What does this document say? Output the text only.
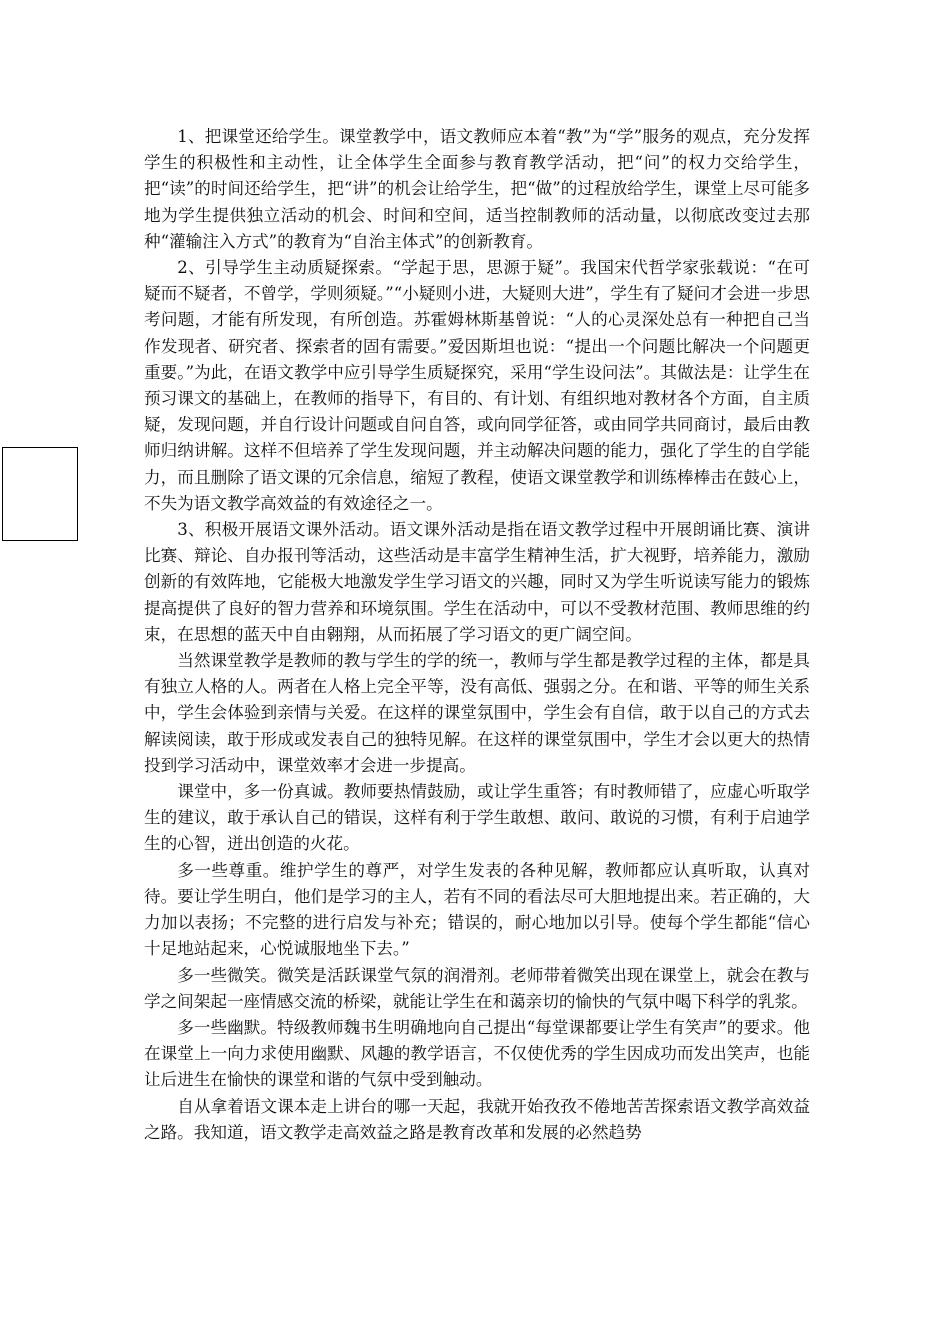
1、把课堂还给学生。课堂教学中，语文教师应本着“教”为“学”服务的观点，充分发挥学生的积极性和主动性，让全体学生全面参与教育教学活动，把“问”的权力交给学生，把“读”的时间还给学生，把“讲”的机会让给学生，把“做”的过程放给学生，课堂上尽可能多地为学生提供独立活动的机会、时间和空间，适当控制教师的活动量，以彻底改变过去那种“灌输注入方式”的教育为“自治主体式”的创新教育。

2、引导学生主动质疑探索。“学起于思，思源于疑”。我国宋代哲学家张载说：“在可疑而不疑者，不曾学，学则须疑。”“小疑则小进，大疑则大进”，学生有了疑问才会进一步思考问题，才能有所发现，有所创造。苏霍姆林斯基曾说：“人的心灵深处总有一种把自己当作发现者、研究者、探索者的固有需要。”爱因斯坦也说：“提出一个问题比解决一个问题更重要。”为此，在语文教学中应引导学生质疑探究，采用“学生设问法”。其做法是：让学生在预习课文的基础上，在教师的指导下，有目的、有计划、有组织地对教材各个方面，自主质疑，发现问题，并自行设计问题或自问自答，或向同学征答，或由同学共同商讨，最后由教师归纳讲解。这样不但培养了学生发现问题，并主动解决问题的能力，强化了学生的自学能力，而且删除了语文课的冗余信息，缩短了教程，使语文课堂教学和训练棒棒击在鼓心上，不失为语文教学高效益的有效途径之一。

3、积极开展语文课外活动。语文课外活动是指在语文教学过程中开展朗诵比赛、演讲比赛、辩论、自办报刊等活动，这些活动是丰富学生精神生活，扩大视野，培养能力，激励创新的有效阵地，它能极大地激发学生学习语文的兴趣，同时又为学生听说读写能力的锻炼提高提供了良好的智力营养和环境氛围。学生在活动中，可以不受教材范围、教师思维的约束，在思想的蓝天中自由翱翔，从而拓展了学习语文的更广阔空间。

当然课堂教学是教师的教与学生的学的统一，教师与学生都是教学过程的主体，都是具有独立人格的人。两者在人格上完全平等，没有高低、强弱之分。在和谐、平等的师生关系中，学生会体验到亲情与关爱。在这样的课堂氛围中，学生会有自信，敢于以自己的方式去解读阅读，敢于形成或发表自己的独特见解。在这样的课堂氛围中，学生才会以更大的热情投到学习活动中，课堂效率才会进一步提高。

课堂中，多一份真诚。教师要热情鼓励，或让学生重答；有时教师错了，应虚心听取学生的建议，敢于承认自己的错误，这样有利于学生敢想、敢问、敢说的习惯，有利于启迪学生的心智，迸出创造的火花。

多一些尊重。维护学生的尊严，对学生发表的各种见解，教师都应认真听取，认真对待。要让学生明白，他们是学习的主人，若有不同的看法尽可大胆地提出来。若正确的，大力加以表扬；不完整的进行启发与补充；错误的，耐心地加以引导。使每个学生都能“信心十足地站起来，心悦诚服地坐下去。”

多一些微笑。微笑是活跃课堂气氛的润滑剂。老师带着微笑出现在课堂上，就会在教与学之间架起一座情感交流的桥梁，就能让学生在和蔼亲切的愉快的气氛中喝下科学的乳浆。

多一些幽默。特级教师魏书生明确地向自己提出“每堂课都要让学生有笑声”的要求。他在课堂上一向力求使用幽默、风趣的教学语言，不仅使优秀的学生因成功而发出笑声，也能让后进生在愉快的课堂和谐的气氛中受到触动。

自从拿着语文课本走上讲台的哪一天起，我就开始孜孜不倦地苦苦探索语文教学高效益之路。我知道，语文教学走高效益之路是教育改革和发展的必然趋势
